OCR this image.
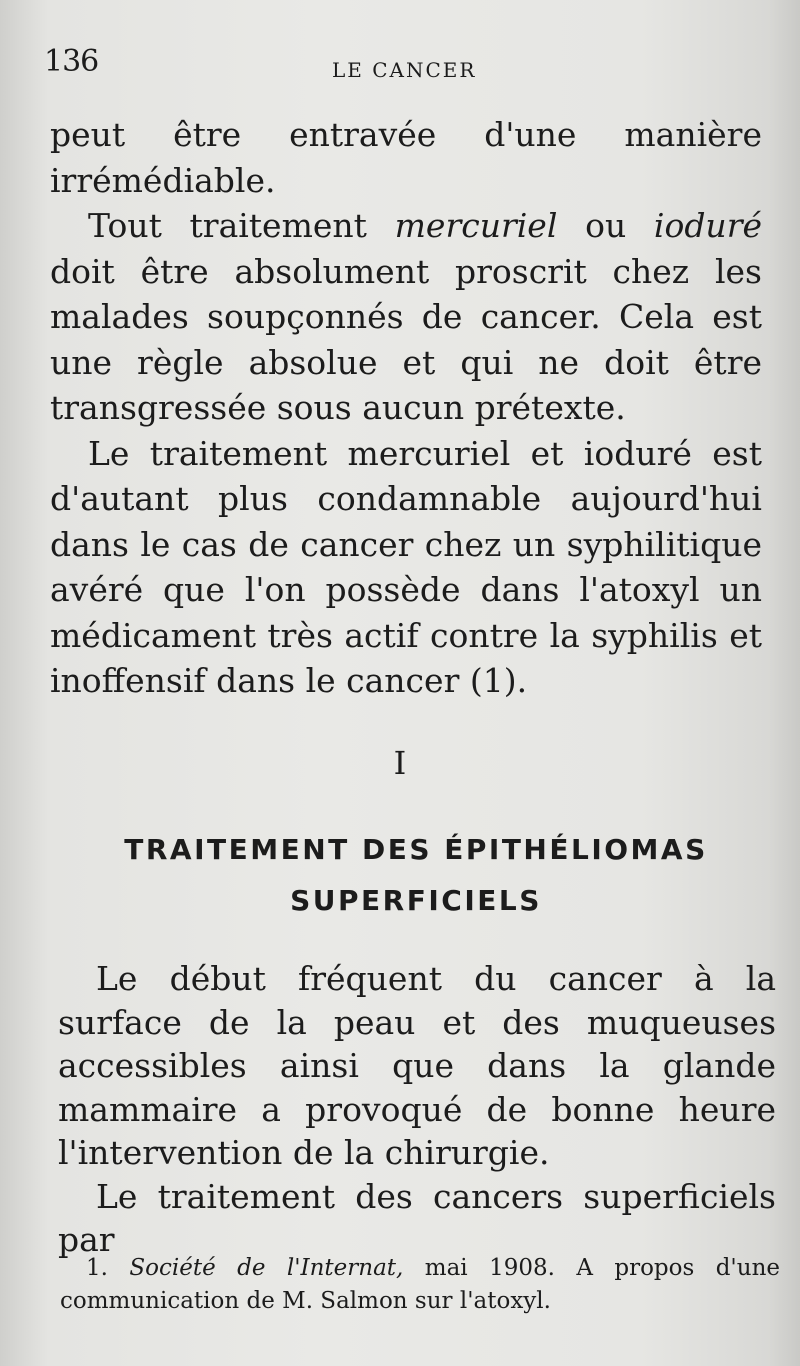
136	LE CANCER

peut être entravée d'une manière irrémédiable.

Tout traitement mercuriel ou ioduré doit être absolument proscrit chez les malades soupçonnés de cancer. Cela est une règle absolue et qui ne doit être transgressée sous aucun prétexte.

Le traitement mercuriel et ioduré est d'autant plus condamnable aujourd'hui dans le cas de cancer chez un syphilitique avéré que l'on possède dans l'atoxyl un médicament très actif contre la syphilis et inoffensif dans le cancer (1).

I
TRAITEMENT DES ÉPITHÉLIOMAS
SUPERFICIELS

Le début fréquent du cancer à la surface de la peau et des muqueuses accessibles ainsi que dans la glande mammaire a provoqué de bonne heure l'intervention de la chirurgie.

Le traitement des cancers superficiels par

1. Société de l'Internat, mai 1908. A propos d'une
communication de M. Salmon sur l'atoxyl.
